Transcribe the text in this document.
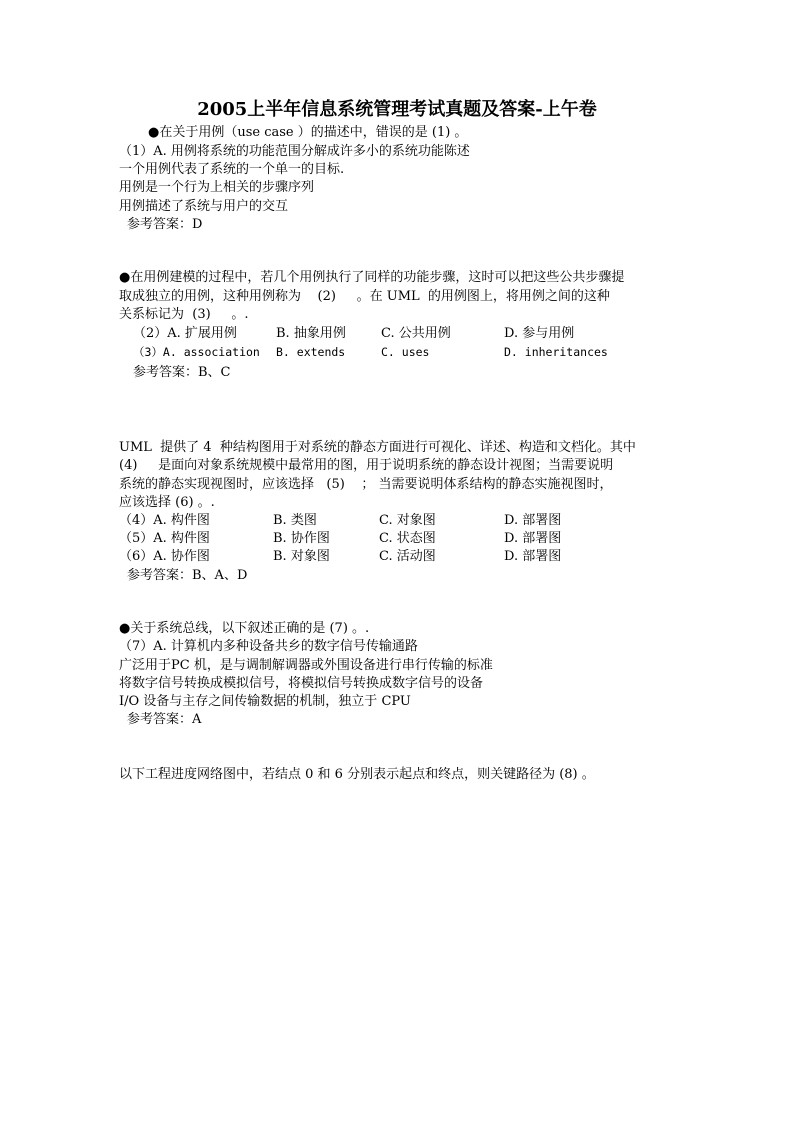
2005上半年信息系统管理考试真题及答案-上午卷
●在关于用例（use case ）的描述中，错误的是 (1) 。
（1）A. 用例将系统的功能范围分解成许多小的系统功能陈述
一个用例代表了系统的一个单一的目标.
用例是一个行为上相关的步骤序列
用例描述了系统与用户的交互
参考答案：D
●在用例建模的过程中，若几个用例执行了同样的功能步骤，这时可以把这些公共步骤提
取成独立的用例，这种用例称为    (2)     。在 UML  的用例图上，将用例之间的这种
关系标记为  (3)     。.
（2）A. 扩展用例	B. 抽象用例	C. 公共用例	D. 参与用例
（3）A. association B. extends	C. uses	D. inheritances
参考答案：B、C
UML  提供了 4  种结构图用于对系统的静态方面进行可视化、详述、构造和文档化。其中
(4)     是面向对象系统规模中最常用的图，用于说明系统的静态设计视图；当需要说明
系统的静态实现视图时，应该选择   (5)    ； 当需要说明体系结构的静态实施视图时，
应该选择 (6) 。.
（4）A. 构件图	B. 类图	C. 对象图	D. 部署图
（5）A. 构件图	B. 协作图	C. 状态图	D. 部署图
（6）A. 协作图	B. 对象图	C. 活动图	D. 部署图
参考答案：B、A、D
●关于系统总线，以下叙述正确的是 (7) 。.
（7）A. 计算机内多种设备共乡的数字信号传输通路
广泛用于PC 机，是与调制解调器或外围设备进行串行传输的标准
将数字信号转换成模拟信号，将模拟信号转换成数字信号的设备
I/O 设备与主存之间传输数据的机制，独立于 CPU
参考答案：A
以下工程进度网络图中，若结点 0 和 6 分别表示起点和终点，则关键路径为 (8) 。
